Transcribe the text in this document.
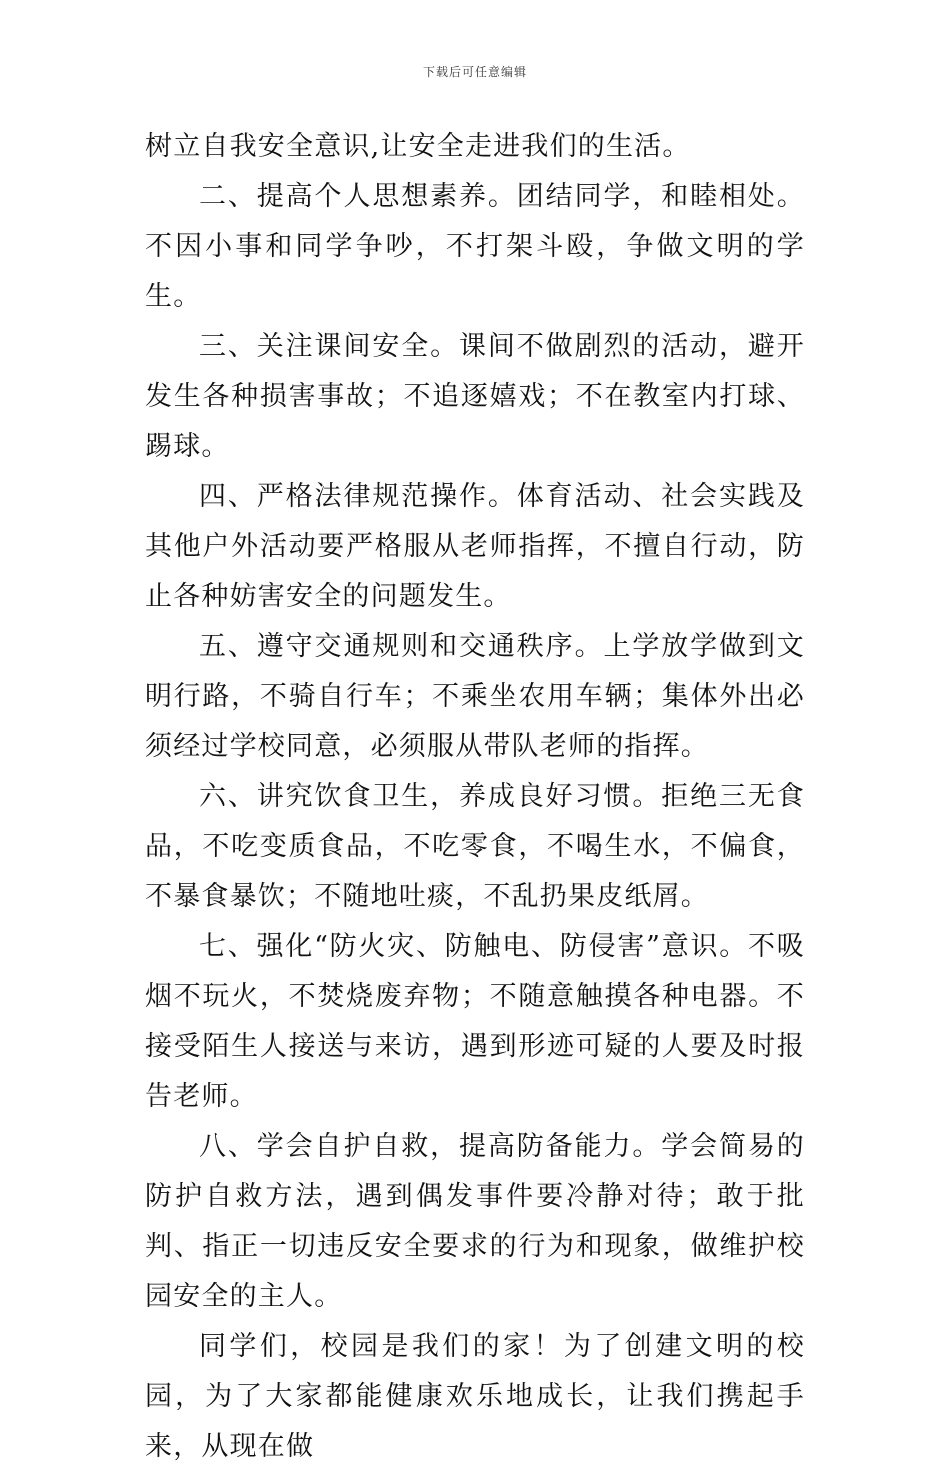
下载后可任意编辑

树立自我安全意识,让安全走进我们的生活。

二、提高个人思想素养。团结同学，和睦相处。不因小事和同学争吵，不打架斗殴，争做文明的学生。

三、关注课间安全。课间不做剧烈的活动，避开发生各种损害事故；不追逐嬉戏；不在教室内打球、踢球。

四、严格法律规范操作。体育活动、社会实践及其他户外活动要严格服从老师指挥，不擅自行动，防止各种妨害安全的问题发生。

五、遵守交通规则和交通秩序。上学放学做到文明行路，不骑自行车；不乘坐农用车辆；集体外出必须经过学校同意，必须服从带队老师的指挥。

六、讲究饮食卫生，养成良好习惯。拒绝三无食品，不吃变质食品，不吃零食，不喝生水，不偏食，不暴食暴饮；不随地吐痰，不乱扔果皮纸屑。

七、强化“防火灾、防触电、防侵害”意识。不吸烟不玩火，不焚烧废弃物；不随意触摸各种电器。不接受陌生人接送与来访，遇到形迹可疑的人要及时报告老师。

八、学会自护自救，提高防备能力。学会简易的防护自救方法，遇到偶发事件要冷静对待；敢于批判、指正一切违反安全要求的行为和现象，做维护校园安全的主人。

同学们，校园是我们的家！为了创建文明的校园，为了大家都能健康欢乐地成长，让我们携起手来，从现在做
